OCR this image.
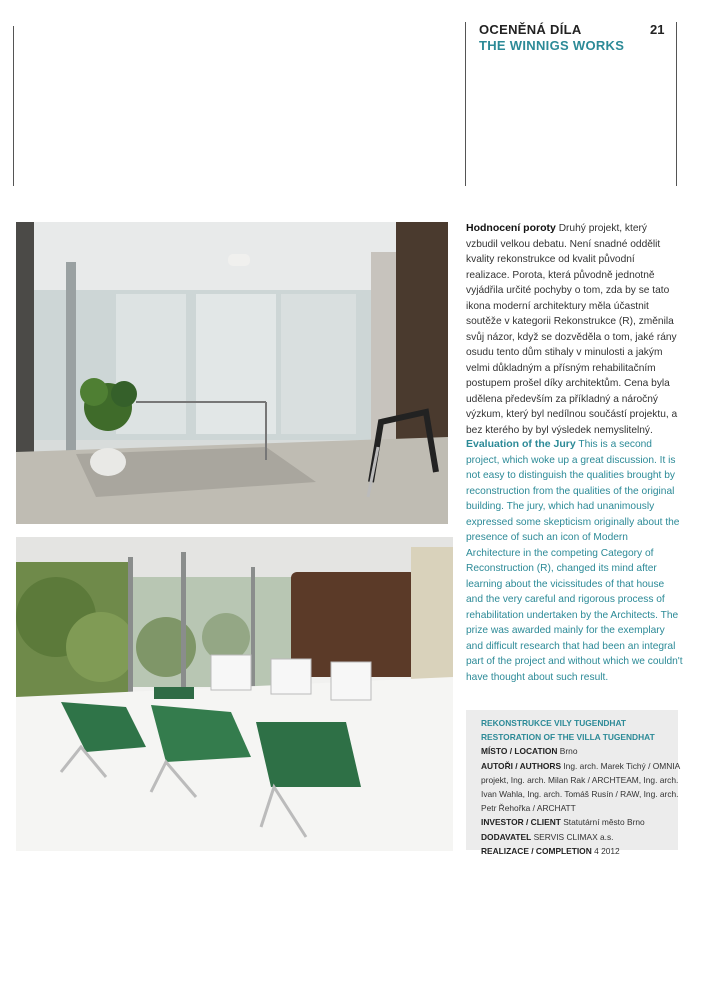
OCENĚNÁ DÍLA
THE WINNIGS WORKS
21
Hodnocení poroty Druhý projekt, který vzbudil velkou debatu. Není snadné oddělit kvality rekonstrukce od kvalit původní realizace. Porota, která původně jednotně vyjádřila určité pochyby o tom, zda by se tato ikona moderní architektury měla účastnit soutěže v kategorii Rekonstrukce (R), změnila svůj názor, když se dozvěděla o tom, jaké rány osudu tento dům stihaly v minulosti a jakým velmi důkladným a přísným rehabilitačním postupem prošel díky architektům. Cena byla udělena především za příkladný a náročný výzkum, který byl nedílnou součástí projektu, a bez kterého by byl výsledek nemyslitelný.
Evaluation of the Jury This is a second project, which woke up a great discussion. It is not easy to distinguish the qualities brought by reconstruction from the qualities of the original building. The jury, which had unanimously expressed some skepticism originally about the presence of such an icon of Modern Architecture in the competing Category of Reconstruction (R), changed its mind after learning about the vicissitudes of that house and the very careful and rigorous process of rehabilitation undertaken by the Architects. The prize was awarded mainly for the exemplary and difficult research that had been an integral part of the project and without which we couldn't have thought about such result.
REKONSTRUKCE VILY TUGENDHAT
RESTORATION OF THE VILLA TUGENDHAT
MÍSTO / LOCATION Brno
AUTOŘI / AUTHORS Ing. arch. Marek Tichý / OMNIA projekt, Ing. arch. Milan Rak / ARCHTEAM, Ing. arch. Ivan Wahla, Ing. arch. Tomáš Rusín / RAW, Ing. arch. Petr Řehořka / ARCHATT
INVESTOR / CLIENT Statutární město Brno
DODAVATEL SERVIS CLIMAX a.s.
REALIZACE / COMPLETION 4 2012
